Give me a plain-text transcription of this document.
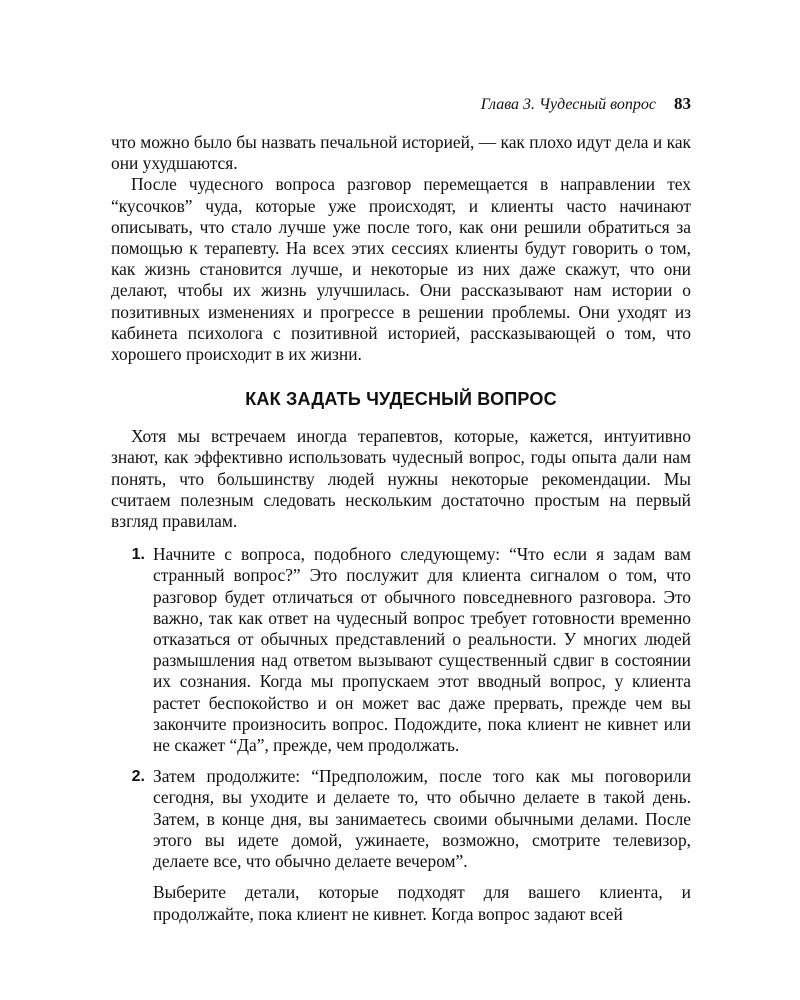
Глава 3. Чудесный вопрос 83

что можно было бы назвать печальной историей, — как плохо идут дела и как они ухудшаются.

После чудесного вопроса разговор перемещается в направлении тех “кусочков” чуда, которые уже происходят, и клиенты часто начинают описывать, что стало лучше уже после того, как они решили обратиться за помощью к терапевту. На всех этих сессиях клиенты будут говорить о том, как жизнь становится лучше, и некоторые из них даже скажут, что они делают, чтобы их жизнь улучшилась. Они рассказывают нам истории о позитивных изменениях и прогрессе в решении проблемы. Они уходят из кабинета психолога с позитивной историей, рассказывающей о том, что хорошего происходит в их жизни.

КАК ЗАДАТЬ ЧУДЕСНЫЙ ВОПРОС

Хотя мы встречаем иногда терапевтов, которые, кажется, интуитивно знают, как эффективно использовать чудесный вопрос, годы опыта дали нам понять, что большинству людей нужны некоторые рекомендации. Мы считаем полезным следовать нескольким достаточно простым на первый взгляд правилам.

1. Начните с вопроса, подобного следующему: “Что если я задам вам странный вопрос?” Это послужит для клиента сигналом о том, что разговор будет отличаться от обычного повседневного разговора. Это важно, так как ответ на чудесный вопрос требует готовности временно отказаться от обычных представлений о реальности. У многих людей размышления над ответом вызывают существенный сдвиг в состоянии их сознания. Когда мы пропускаем этот вводный вопрос, у клиента растет беспокойство и он может вас даже прервать, прежде чем вы закончите произносить вопрос. Подождите, пока клиент не кивнет или не скажет “Да”, прежде, чем продолжать.
2. Затем продолжите: “Предположим, после того как мы поговорили сегодня, вы уходите и делаете то, что обычно делаете в такой день. Затем, в конце дня, вы занимаетесь своими обычными делами. После этого вы идете домой, ужинаете, возможно, смотрите телевизор, делаете все, что обычно делаете вечером”.

Выберите детали, которые подходят для вашего клиента, и продолжайте, пока клиент не кивнет. Когда вопрос задают всей
